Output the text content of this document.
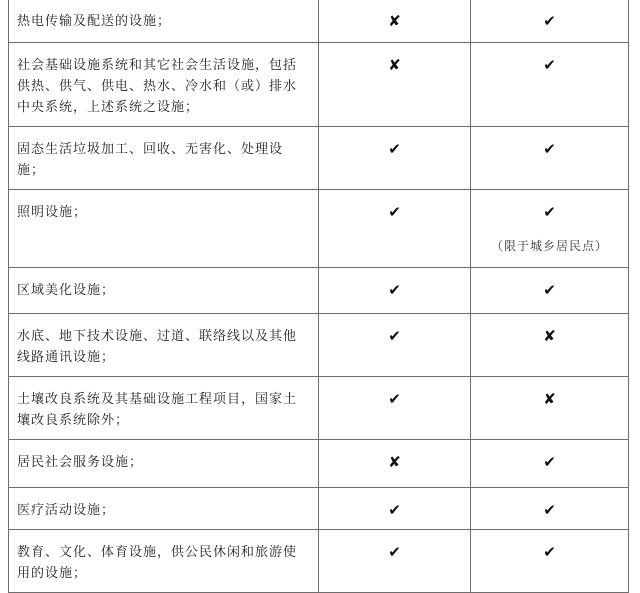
热电传输及配送的设施；	✘	✔
社会基础设施系统和其它社会生活设施，包括供热、供气、供电、热水、冷水和（或）排水中央系统，上述系统之设施；	✘	✔
固态生活垃圾加工、回收、无害化、处理设施；	✔	✔
照明设施；	✔	✔
（限于城乡居民点）

区域美化设施；	✔	✔
水底、地下技术设施、过道、联络线以及其他线路通讯设施；	✔	✘
土壤改良系统及其基础设施工程项目，国家土壤改良系统除外；	✔	✘
居民社会服务设施；	✘	✔
医疗活动设施；	✔	✔
教育、文化、体育设施，供公民休闲和旅游使用的设施；	✔	✔
